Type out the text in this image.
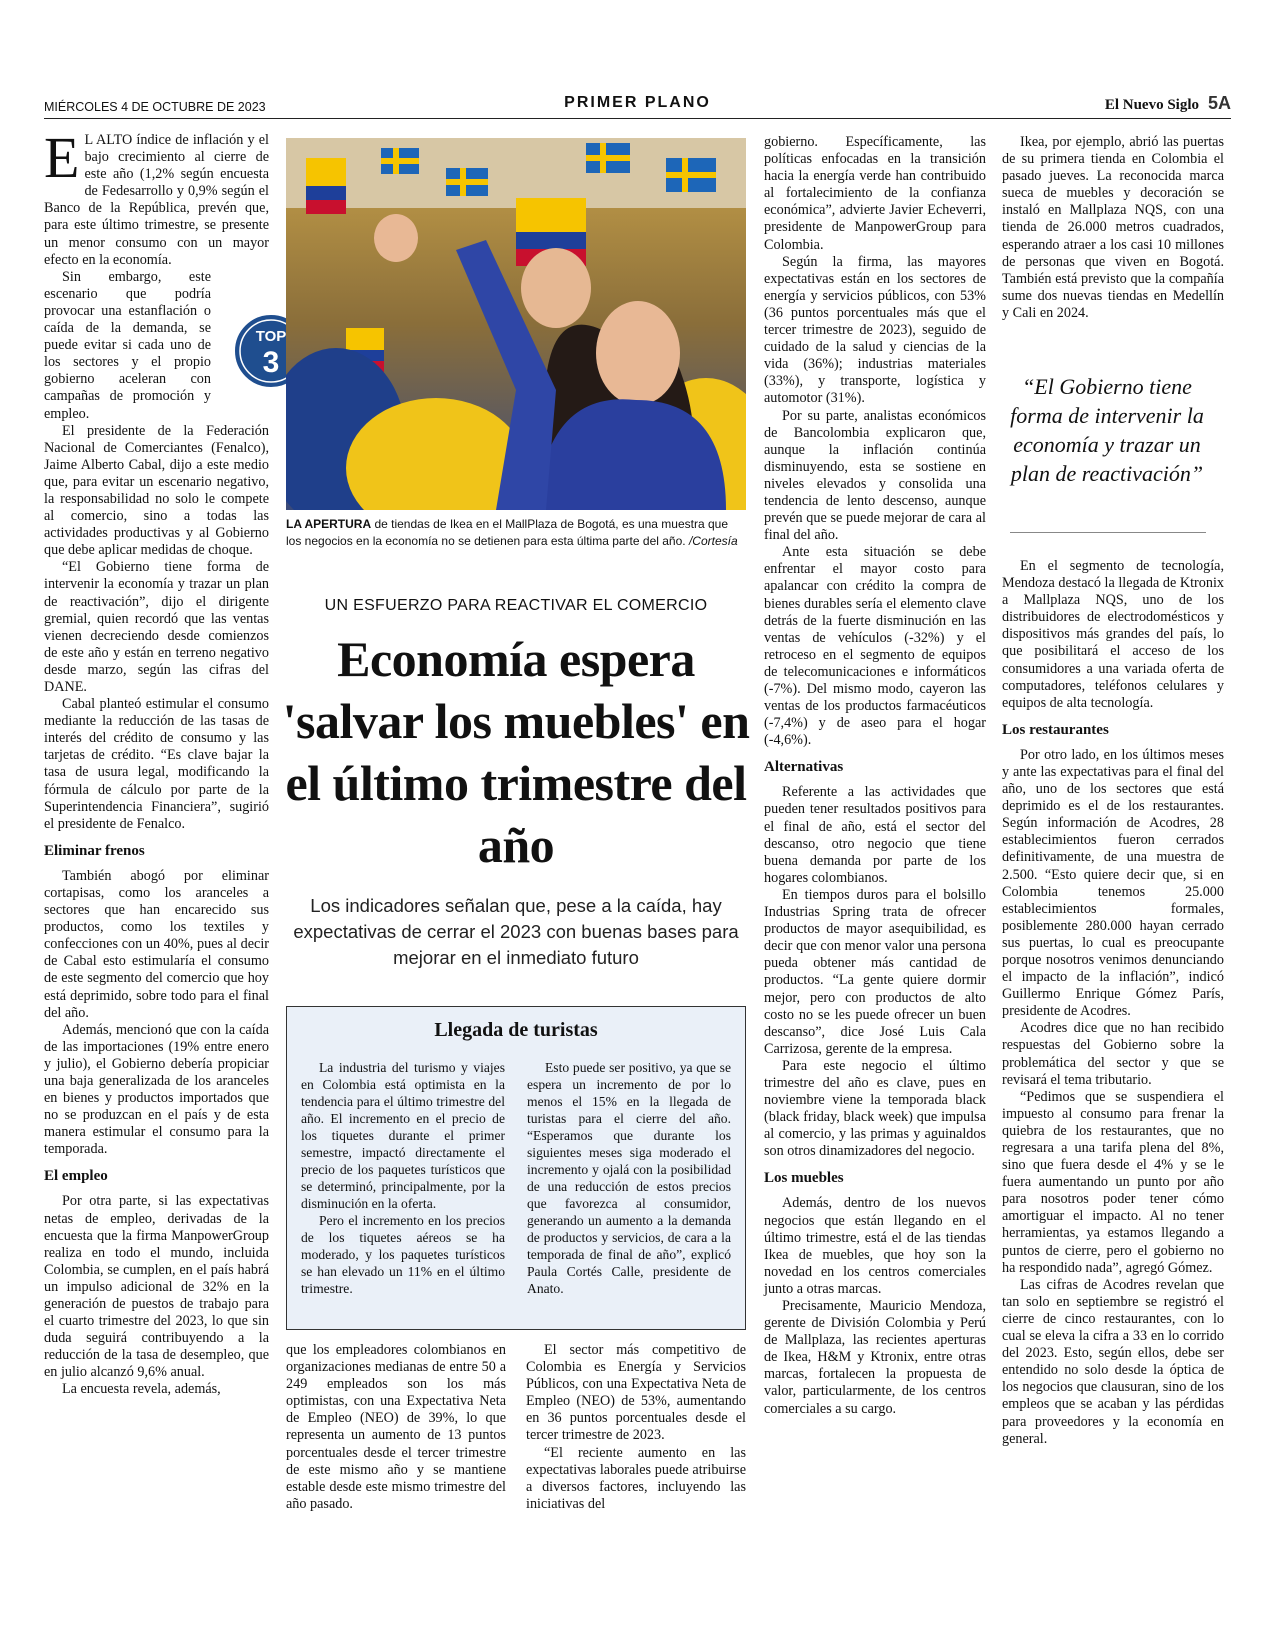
MIÉRCOLES 4 DE OCTUBRE DE 2023	PRIMER PLANO	El Nuevo Siglo 5A
E L ALTO índice de inflación y el bajo crecimiento al cierre de este año (1,2% según encuesta de Fedesarrollo y 0,9% según el Banco de la República, prevén que, para este último trimestre, se presente un menor consumo con un mayor efecto en la economía.

Sin embargo, este escenario que podría provocar una estanflación o caída de la demanda, se puede evitar si cada uno de los sectores y el propio gobierno aceleran con campañas de promoción y empleo.

El presidente de la Federación Nacional de Comerciantes (Fenalco), Jaime Alberto Cabal, dijo a este medio que, para evitar un escenario negativo, la responsabilidad no solo le compete al comercio, sino a todas las actividades productivas y al Gobierno que debe aplicar medidas de choque.

“El Gobierno tiene forma de intervenir la economía y trazar un plan de reactivación”, dijo el dirigente gremial, quien recordó que las ventas vienen decreciendo desde comienzos de este año y están en terreno negativo desde marzo, según las cifras del DANE.

Cabal planteó estimular el consumo mediante la reducción de las tasas de interés del crédito de consumo y las tarjetas de crédito. “Es clave bajar la tasa de usura legal, modificando la fórmula de cálculo por parte de la Superintendencia Financiera”, sugirió el presidente de Fenalco.

Eliminar frenos

También abogó por eliminar cortapisas, como los aranceles a sectores que han encarecido sus productos, como los textiles y confecciones con un 40%, pues al decir de Cabal esto estimularía el consumo de este segmento del comercio que hoy está deprimido, sobre todo para el final del año.

Además, mencionó que con la caída de las importaciones (19% entre enero y julio), el Gobierno debería propiciar una baja generalizada de los aranceles en bienes y productos importados que no se produzcan en el país y de esta manera estimular el consumo para la temporada.

El empleo

Por otra parte, si las expectativas netas de empleo, derivadas de la encuesta que la firma ManpowerGroup realiza en todo el mundo, incluida Colombia, se cumplen, en el país habrá un impulso adicional de 32% en la generación de puestos de trabajo para el cuarto trimestre del 2023, lo que sin duda seguirá contribuyendo a la reducción de la tasa de desempleo, que en julio alcanzó 9,6% anual.

La encuesta revela, además,

TOP
3
LA APERTURA de tiendas de Ikea en el MallPlaza de Bogotá, es una muestra que los negocios en la economía no se detienen para esta última parte del año. /Cortesía
UN ESFUERZO PARA REACTIVAR EL COMERCIO
Economía espera 'salvar los muebles' en el último trimestre del año
Los indicadores señalan que, pese a la caída, hay expectativas de cerrar el 2023 con buenas bases para mejorar en el inmediato futuro
Llegada de turistas

La industria del turismo y viajes en Colombia está optimista en la tendencia para el último trimestre del año. El incremento en el precio de los tiquetes durante el primer semestre, impactó directamente el precio de los paquetes turísticos que se determinó, principalmente, por la disminución en la oferta.

Pero el incremento en los precios de los tiquetes aéreos se ha moderado, y los paquetes turísticos se han elevado un 11% en el último trimestre.

Esto puede ser positivo, ya que se espera un incremento de por lo menos el 15% en la llegada de turistas para el cierre del año. “Esperamos que durante los siguientes meses siga moderado el incremento y ojalá con la posibilidad de una reducción de estos precios que favorezca al consumidor, generando un aumento a la demanda de productos y servicios, de cara a la temporada de final de año”, explicó Paula Cortés Calle, presidente de Anato.

que los empleadores colombianos en organizaciones medianas de entre 50 a 249 empleados son los más optimistas, con una Expectativa Neta de Empleo (NEO) de 39%, lo que representa un aumento de 13 puntos porcentuales desde el tercer trimestre de este mismo año y se mantiene estable desde este mismo trimestre del año pasado.

El sector más competitivo de Colombia es Energía y Servicios Públicos, con una Expectativa Neta de Empleo (NEO) de 53%, aumentando en 36 puntos porcentuales desde el tercer trimestre de 2023.

“El reciente aumento en las expectativas laborales puede atribuirse a diversos factores, incluyendo las iniciativas del

gobierno. Específicamente, las políticas enfocadas en la transición hacia la energía verde han contribuido al fortalecimiento de la confianza económica”, advierte Javier Echeverri, presidente de ManpowerGroup para Colombia.

Según la firma, las mayores expectativas están en los sectores de energía y servicios públicos, con 53% (36 puntos porcentuales más que el tercer trimestre de 2023), seguido de cuidado de la salud y ciencias de la vida (36%); industrias materiales (33%), y transporte, logística y automotor (31%).

Por su parte, analistas económicos de Bancolombia explicaron que, aunque la inflación continúa disminuyendo, esta se sostiene en niveles elevados y consolida una tendencia de lento descenso, aunque prevén que se puede mejorar de cara al final del año.

Ante esta situación se debe enfrentar el mayor costo para apalancar con crédito la compra de bienes durables sería el elemento clave detrás de la fuerte disminución en las ventas de vehículos (-32%) y el retroceso en el segmento de equipos de telecomunicaciones e informáticos (-7%). Del mismo modo, cayeron las ventas de los productos farmacéuticos (-7,4%) y de aseo para el hogar (-4,6%).

Alternativas

Referente a las actividades que pueden tener resultados positivos para el final de año, está el sector del descanso, otro negocio que tiene buena demanda por parte de los hogares colombianos.

En tiempos duros para el bolsillo Industrias Spring trata de ofrecer productos de mayor asequibilidad, es decir que con menor valor una persona pueda obtener más cantidad de productos. “La gente quiere dormir mejor, pero con productos de alto costo no se les puede ofrecer un buen descanso”, dice José Luis Cala Carrizosa, gerente de la empresa.

Para este negocio el último trimestre del año es clave, pues en noviembre viene la temporada black (black friday, black week) que impulsa al comercio, y las primas y aguinaldos son otros dinamizadores del negocio.

Los muebles

Además, dentro de los nuevos negocios que están llegando en el último trimestre, está el de las tiendas Ikea de muebles, que hoy son la novedad en los centros comerciales junto a otras marcas.

Precisamente, Mauricio Mendoza, gerente de División Colombia y Perú de Mallplaza, las recientes aperturas de Ikea, H&M y Ktronix, entre otras marcas, fortalecen la propuesta de valor, particularmente, de los centros comerciales a su cargo.

Ikea, por ejemplo, abrió las puertas de su primera tienda en Colombia el pasado jueves. La reconocida marca sueca de muebles y decoración se instaló en Mallplaza NQS, con una tienda de 26.000 metros cuadrados, esperando atraer a los casi 10 millones de personas que viven en Bogotá. También está previsto que la compañía sume dos nuevas tiendas en Medellín y Cali en 2024.

“El Gobierno tiene forma de intervenir la economía y trazar un plan de reactivación”

En el segmento de tecnología, Mendoza destacó la llegada de Ktronix a Mallplaza NQS, uno de los distribuidores de electrodomésticos y dispositivos más grandes del país, lo que posibilitará el acceso de los consumidores a una variada oferta de computadores, teléfonos celulares y equipos de alta tecnología.

Los restaurantes

Por otro lado, en los últimos meses y ante las expectativas para el final del año, uno de los sectores que está deprimido es el de los restaurantes. Según información de Acodres, 28 establecimientos fueron cerrados definitivamente, de una muestra de 2.500. “Esto quiere decir que, si en Colombia tenemos 25.000 establecimientos formales, posiblemente 280.000 hayan cerrado sus puertas, lo cual es preocupante porque nosotros venimos denunciando el impacto de la inflación”, indicó Guillermo Enrique Gómez París, presidente de Acodres.

Acodres dice que no han recibido respuestas del Gobierno sobre la problemática del sector y que se revisará el tema tributario.

“Pedimos que se suspendiera el impuesto al consumo para frenar la quiebra de los restaurantes, que no regresara a una tarifa plena del 8%, sino que fuera desde el 4% y se le fuera aumentando un punto por año para nosotros poder tener cómo amortiguar el impacto. Al no tener herramientas, ya estamos llegando a puntos de cierre, pero el gobierno no ha respondido nada”, agregó Gómez.

Las cifras de Acodres revelan que tan solo en septiembre se registró el cierre de cinco restaurantes, con lo cual se eleva la cifra a 33 en lo corrido del 2023. Esto, según ellos, debe ser entendido no solo desde la óptica de los negocios que clausuran, sino de los empleos que se acaban y las pérdidas para proveedores y la economía en general.
